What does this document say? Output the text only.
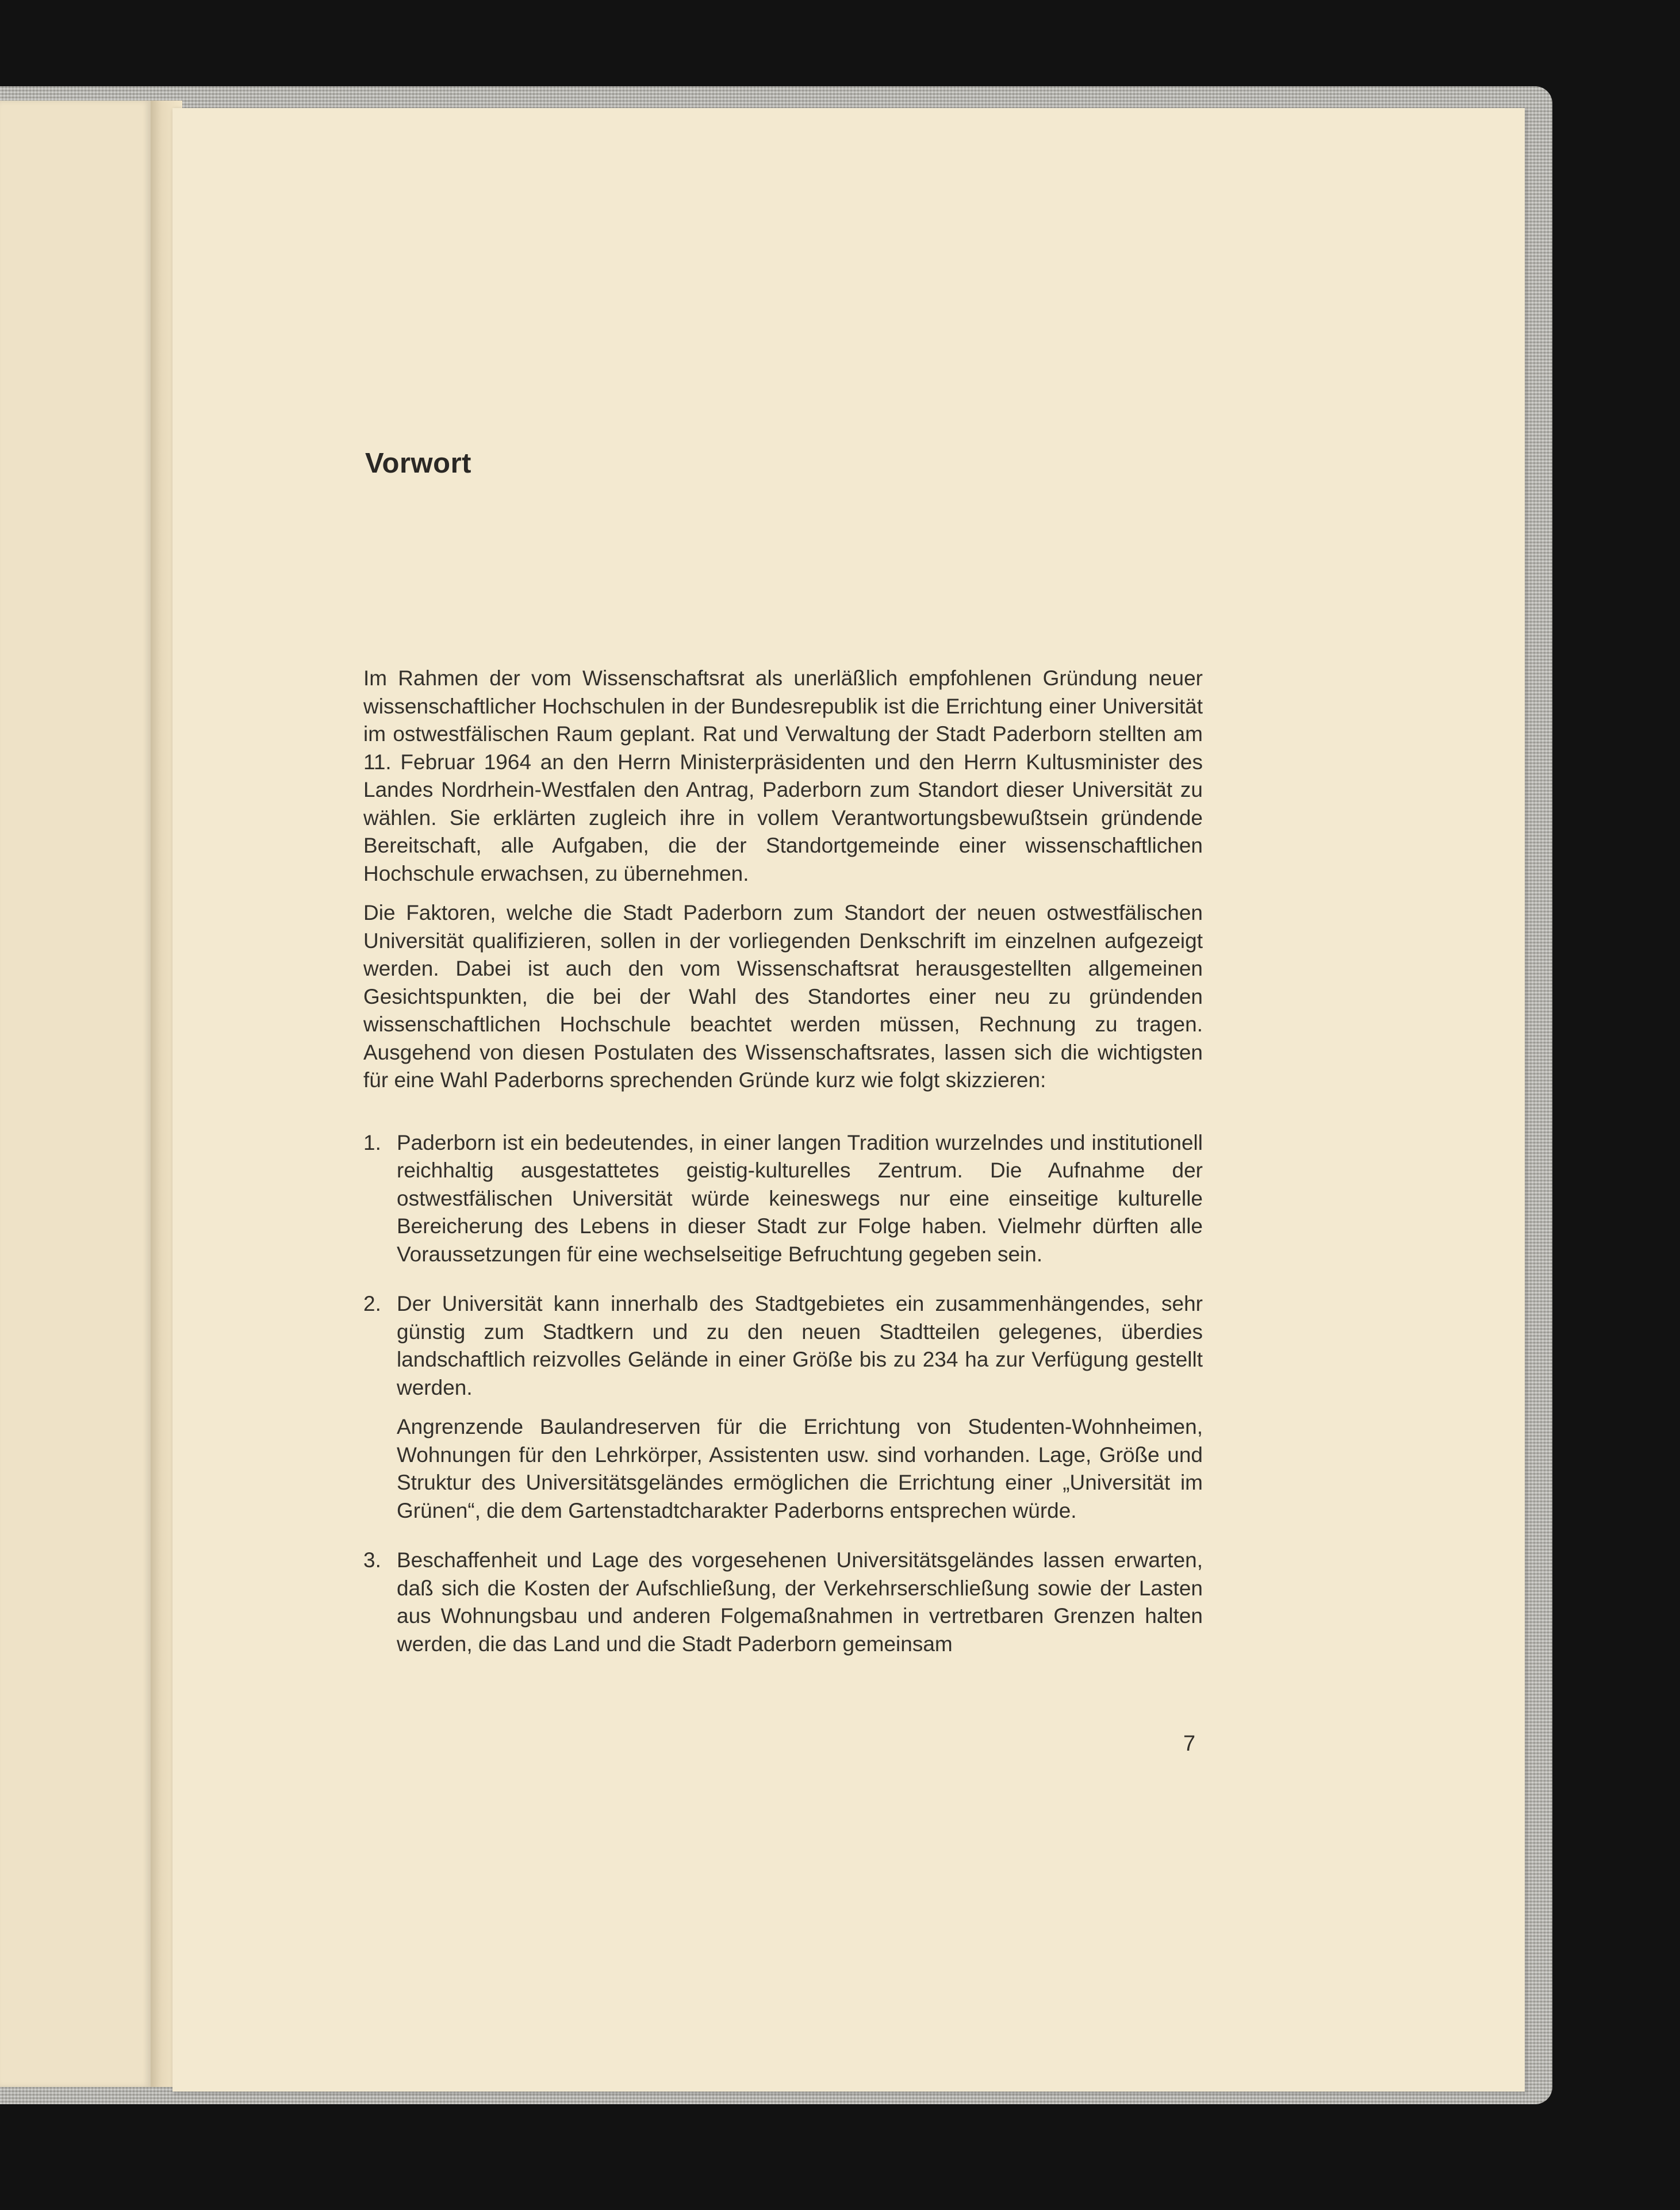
Vorwort

Im Rahmen der vom Wissenschaftsrat als unerläßlich empfohlenen Gründung neuer wissenschaftlicher Hochschulen in der Bundesrepublik ist die Errichtung einer Universität im ostwestfälischen Raum geplant. Rat und Verwaltung der Stadt Paderborn stellten am 11. Februar 1964 an den Herrn Ministerpräsidenten und den Herrn Kultusminister des Landes Nordrhein-Westfalen den Antrag, Paderborn zum Standort dieser Universität zu wählen. Sie erklärten zugleich ihre in vollem Verantwortungsbewußtsein gründende Bereitschaft, alle Aufgaben, die der Standortgemeinde einer wissenschaftlichen Hochschule erwachsen, zu übernehmen.

Die Faktoren, welche die Stadt Paderborn zum Standort der neuen ostwestfälischen Universität qualifizieren, sollen in der vorliegenden Denkschrift im einzelnen aufgezeigt werden. Dabei ist auch den vom Wissenschaftsrat herausgestellten allgemeinen Gesichtspunkten, die bei der Wahl des Standortes einer neu zu gründenden wissenschaftlichen Hochschule beachtet werden müssen, Rechnung zu tragen. Ausgehend von diesen Postulaten des Wissenschaftsrates, lassen sich die wichtigsten für eine Wahl Paderborns sprechenden Gründe kurz wie folgt skizzieren:

1. Paderborn ist ein bedeutendes, in einer langen Tradition wurzelndes und institutionell reichhaltig ausgestattetes geistig-kulturelles Zentrum. Die Aufnahme der ostwestfälischen Universität würde keineswegs nur eine einseitige kulturelle Bereicherung des Lebens in dieser Stadt zur Folge haben. Vielmehr dürften alle Voraussetzungen für eine wechselseitige Befruchtung gegeben sein.

2. Der Universität kann innerhalb des Stadtgebietes ein zusammenhängendes, sehr günstig zum Stadtkern und zu den neuen Stadtteilen gelegenes, überdies landschaftlich reizvolles Gelände in einer Größe bis zu 234 ha zur Verfügung gestellt werden.

Angrenzende Baulandreserven für die Errichtung von Studenten-Wohnheimen, Wohnungen für den Lehrkörper, Assistenten usw. sind vorhanden. Lage, Größe und Struktur des Universitätsgeländes ermöglichen die Errichtung einer „Universität im Grünen“, die dem Gartenstadtcharakter Paderborns entsprechen würde.

3. Beschaffenheit und Lage des vorgesehenen Universitätsgeländes lassen erwarten, daß sich die Kosten der Aufschließung, der Verkehrserschließung sowie der Lasten aus Wohnungsbau und anderen Folgemaßnahmen in vertretbaren Grenzen halten werden, die das Land und die Stadt Paderborn gemeinsam

7
